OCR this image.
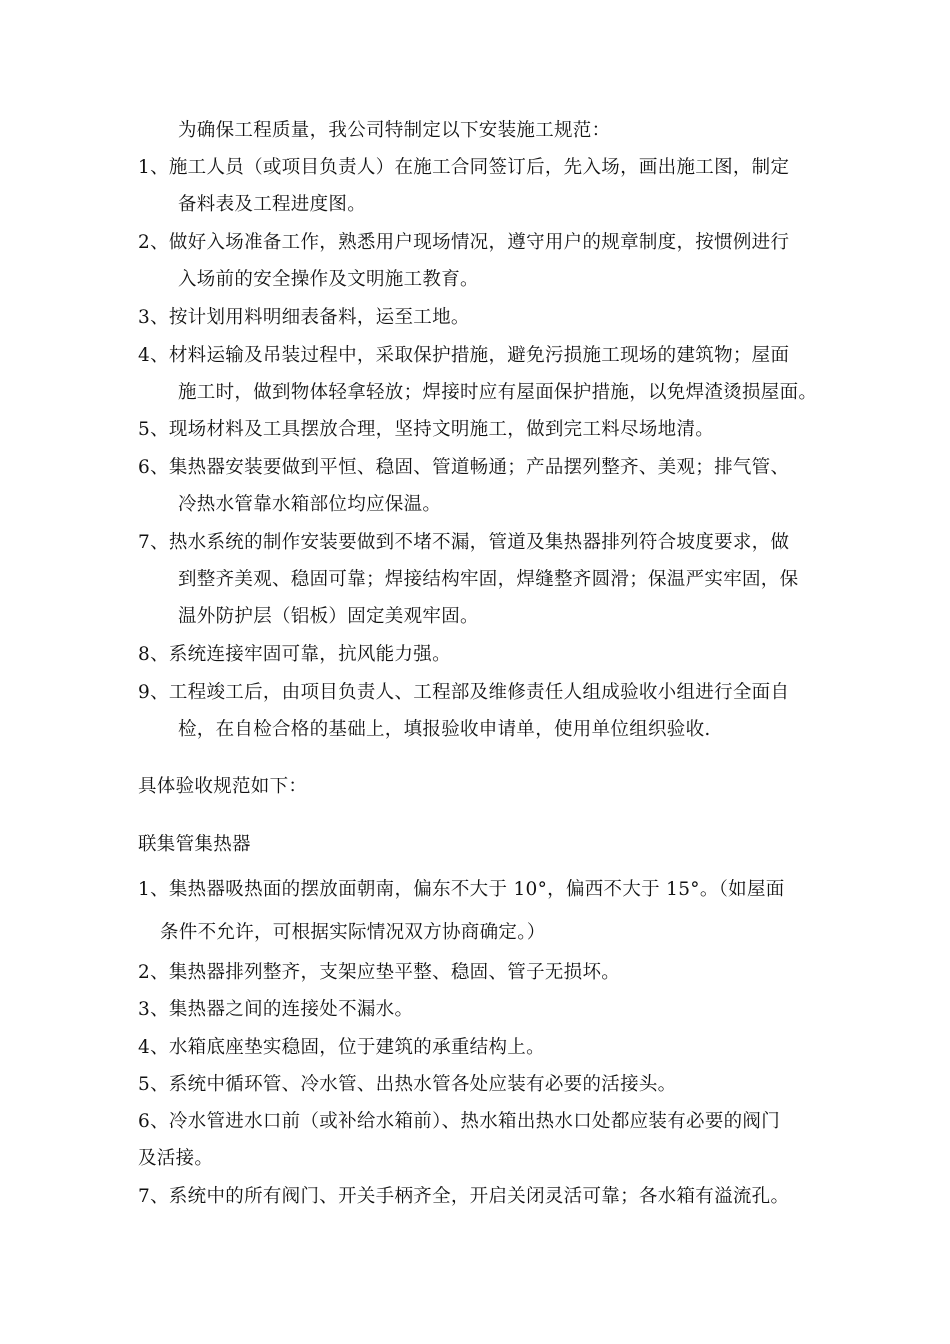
为确保工程质量，我公司特制定以下安装施工规范：
1、施工人员（或项目负责人）在施工合同签订后，先入场，画出施工图，制定
备料表及工程进度图。
2、做好入场准备工作，熟悉用户现场情况，遵守用户的规章制度，按惯例进行
入场前的安全操作及文明施工教育。
3、按计划用料明细表备料，运至工地。
4、材料运输及吊装过程中，采取保护措施，避免污损施工现场的建筑物；屋面
施工时，做到物体轻拿轻放；焊接时应有屋面保护措施，以免焊渣烫损屋面。
5、现场材料及工具摆放合理，坚持文明施工，做到完工料尽场地清。
6、集热器安装要做到平恒、稳固、管道畅通；产品摆列整齐、美观；排气管、
冷热水管靠水箱部位均应保温。
7、热水系统的制作安装要做到不堵不漏，管道及集热器排列符合坡度要求，做
到整齐美观、稳固可靠；焊接结构牢固，焊缝整齐圆滑；保温严实牢固，保
温外防护层（铝板）固定美观牢固。
8、系统连接牢固可靠，抗风能力强。
9、工程竣工后，由项目负责人、工程部及维修责任人组成验收小组进行全面自
检，在自检合格的基础上，填报验收申请单，使用单位组织验收.
具体验收规范如下：
联集管集热器
1、集热器吸热面的摆放面朝南，偏东不大于 10°，偏西不大于 15°。（如屋面
条件不允许，可根据实际情况双方协商确定。）
2、集热器排列整齐，支架应垫平整、稳固、管子无损坏。
3、集热器之间的连接处不漏水。
4、水箱底座垫实稳固，位于建筑的承重结构上。
5、系统中循环管、冷水管、出热水管各处应装有必要的活接头。
6、冷水管进水口前（或补给水箱前）、热水箱出热水口处都应装有必要的阀门
及活接。
7、系统中的所有阀门、开关手柄齐全，开启关闭灵活可靠；各水箱有溢流孔。
